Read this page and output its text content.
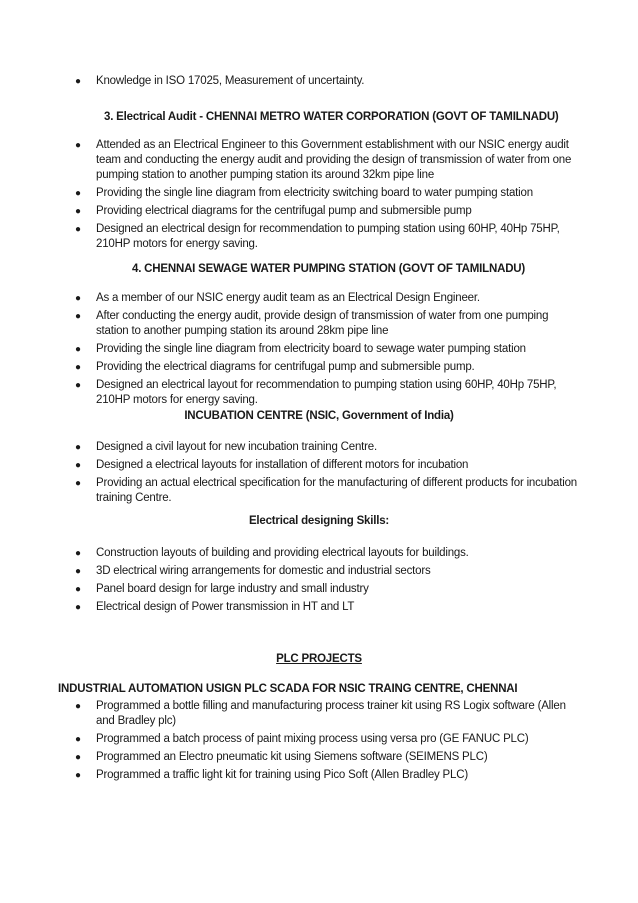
● Knowledge in ISO 17025, Measurement of uncertainty.
3. Electrical Audit - CHENNAI METRO WATER CORPORATION (GOVT OF TAMILNADU)
● Attended as an Electrical Engineer to this Government establishment with our NSIC energy audit team and conducting the energy audit and providing the design of transmission of water from one pumping station to another pumping station its around 32km pipe line
● Providing the single line diagram from electricity switching board to water pumping station
● Providing electrical diagrams for the centrifugal pump and submersible pump
● Designed an electrical design for recommendation to pumping station using 60HP, 40Hp 75HP, 210HP motors for energy saving.
4. CHENNAI SEWAGE WATER PUMPING STATION (GOVT OF TAMILNADU)
● As a member of our NSIC energy audit team as an Electrical Design Engineer.
● After conducting the energy audit, provide design of transmission of water from one pumping station to another pumping station its around 28km pipe line
● Providing the single line diagram from electricity board to sewage water pumping station
● Providing the electrical diagrams for centrifugal pump and submersible pump.
● Designed an electrical layout for recommendation to pumping station using 60HP, 40Hp 75HP, 210HP motors for energy saving.
INCUBATION CENTRE (NSIC, Government of India)
● Designed a civil layout for new incubation training Centre.
● Designed a electrical layouts for installation of different motors for incubation
● Providing an actual electrical specification for the manufacturing of different products for incubation training Centre.
Electrical designing Skills:
● Construction layouts of building and providing electrical layouts for buildings.
● 3D electrical wiring arrangements for domestic and industrial sectors
● Panel board design for large industry and small industry
● Electrical design of Power transmission in HT and LT
PLC PROJECTS
INDUSTRIAL AUTOMATION USIGN PLC SCADA FOR NSIC TRAING CENTRE, CHENNAI
● Programmed a bottle filling and manufacturing process trainer kit using RS Logix software (Allen and Bradley plc)
● Programmed a batch process of paint mixing process using versa pro (GE FANUC PLC)
● Programmed an Electro pneumatic kit using Siemens software (SEIMENS PLC)
● Programmed a traffic light kit for training using Pico Soft (Allen Bradley PLC)
